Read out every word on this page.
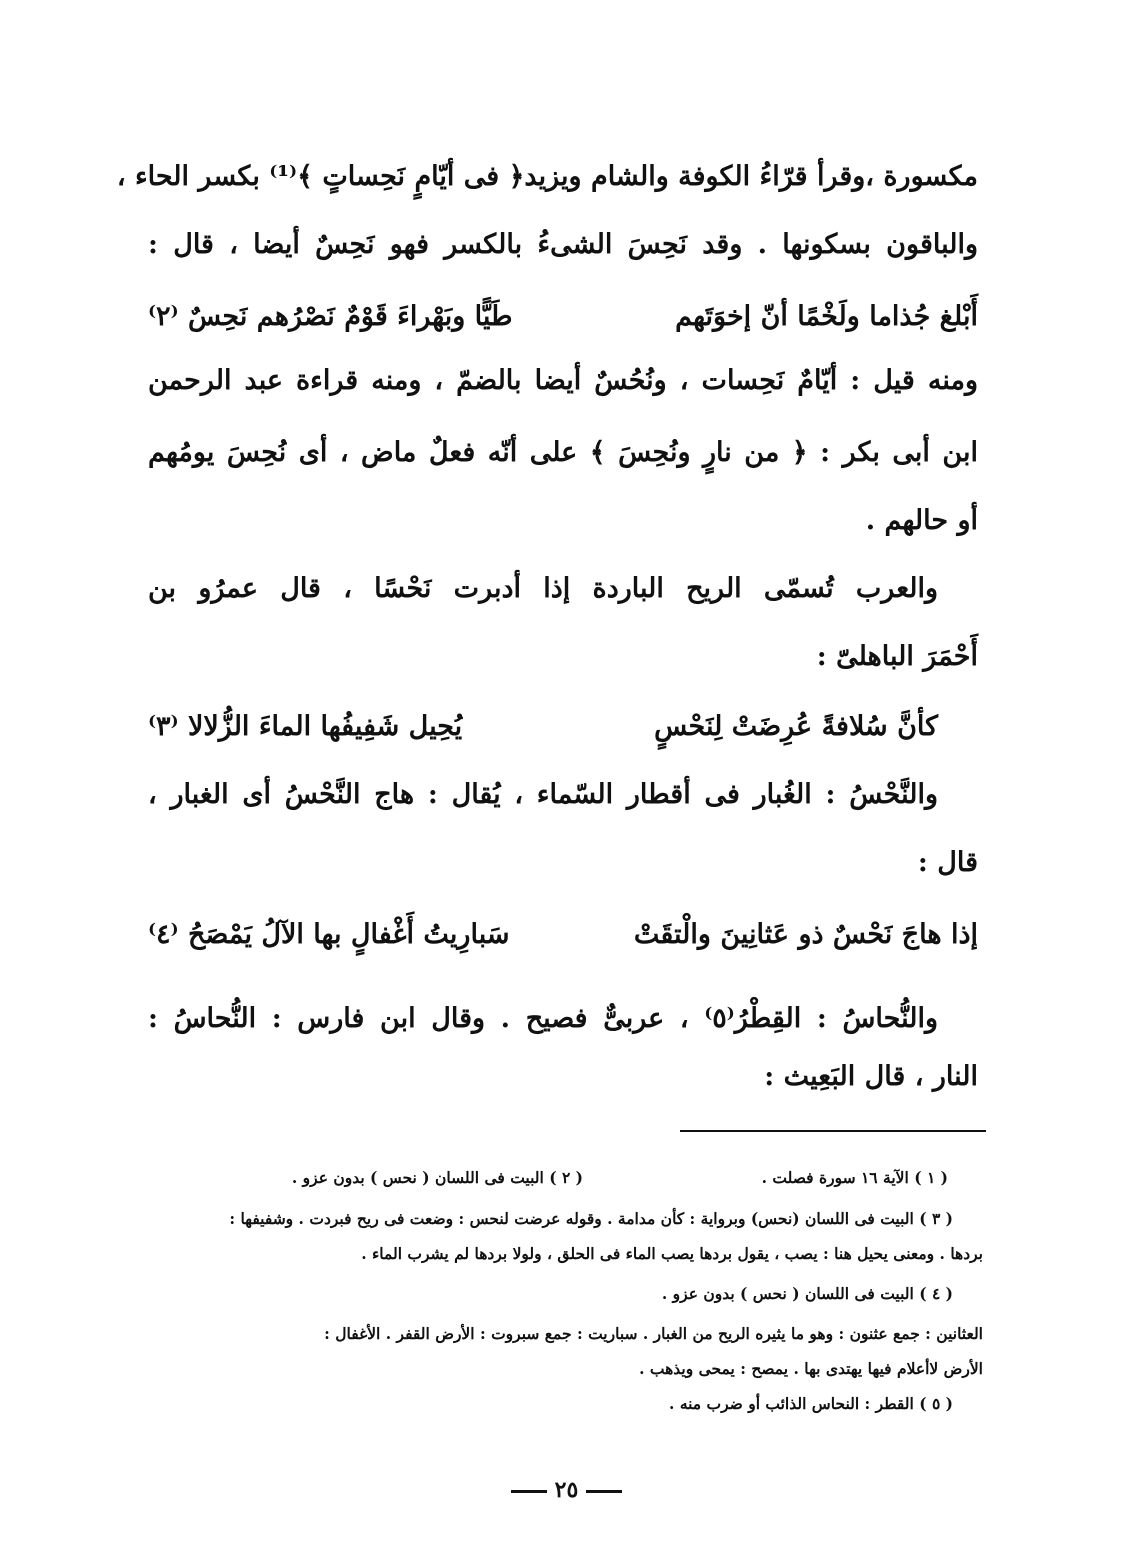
مكسورة ،وقرأ قرّاءُ الكوفة والشام ويزيد﴿ فى أيّامٍ نَحِساتٍ ﴾⁽¹⁾ بكسر الحاء ،
والباقون بسكونها . وقد نَحِسَ الشىءُ بالكسر فهو نَحِسٌ أيضا ، قال :
أَبْلغ جُذاما ولَخْمًا أنّ إخوَتَهم
طَيًّا وبَهْراءَ قَوْمٌ نَصْرُهم نَحِسٌ ⁽٢⁾
ومنه قيل : أيّامٌ نَحِسات ، ونُحُسٌ أيضا بالضمّ ، ومنه قراءة عبد الرحمن
ابن أبى بكر : ﴿ من نارٍ ونُحِسَ ﴾ على أنّه فعلٌ ماض ، أى نُحِسَ يومُهم
أو حالهم .
والعرب تُسمّى الريح الباردة إذا أدبرت نَحْسًا ، قال عمرُو بن
أَحْمَرَ الباهلىّ :
كأنَّ سُلافةً عُرِضَتْ لِنَحْسٍ
يُحِيل شَفِيفُها الماءَ الزُّلالا ⁽٣⁾
والنَّحْسُ : الغُبار فى أقطار السّماء ، يُقال : هاج النَّحْسُ أى الغبار ،
قال :
إذا هاجَ نَحْسٌ ذو عَثانِينَ والْتقَتْ
سَبارِيتُ أَغْفالٍ بها الآلُ يَمْصَحُ ⁽٤⁾
والنُّحاسُ : القِطْرُ⁽٥⁾ ، عربىٌّ فصيح . وقال ابن فارس : النُّحاسُ :
النار ، قال البَعِيث :
( ١ ) الآية ١٦ سورة فصلت .
( ٢ ) البيت فى اللسان ( نحس ) بدون عزو .
( ٣ ) البيت فى اللسان (نحس) وبرواية : كأن مدامة . وقوله عرضت لنحس : وضعت فى ريح فبردت . وشفيفها :
بردها . ومعنى يحيل هنا : يصب ، يقول بردها يصب الماء فى الحلق ، ولولا بردها لم يشرب الماء .
( ٤ ) البيت فى اللسان ( نحس ) بدون عزو .
العثانين : جمع عثنون : وهو ما يثيره الريح من الغبار . سباريت : جمع سبروت : الأرض القفر . الأغفال :
الأرض لاأعلام فيها يهتدى بها . يمصح : يمحى ويذهب .
( ٥ ) القطر : النحاس الذائب أو ضرب منه .
٢٥
